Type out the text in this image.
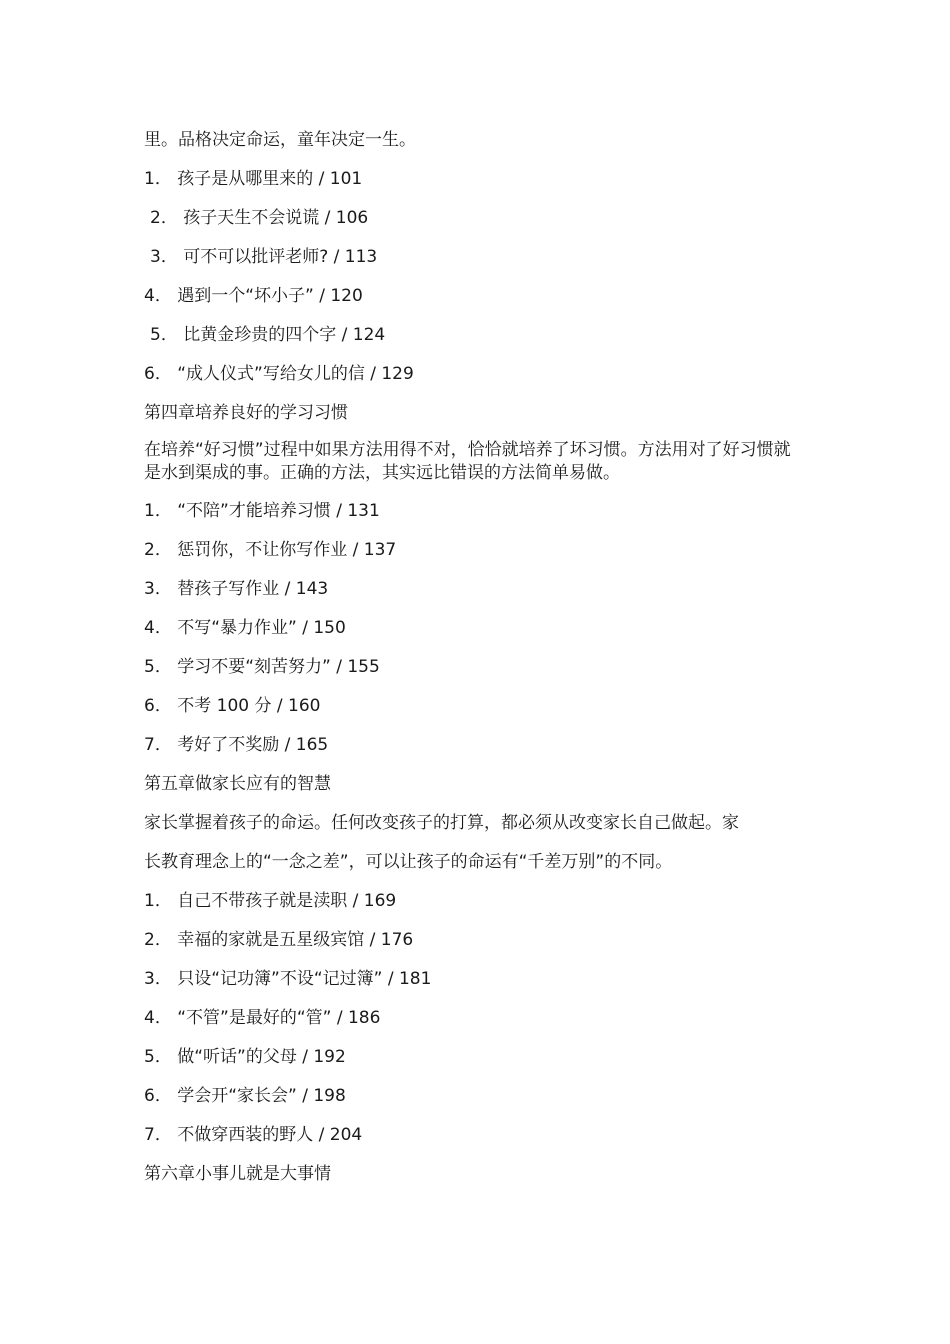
里。品格决定命运，童年决定一生。
1． 孩子是从哪里来的 / 101
2． 孩子天生不会说谎 / 106
3． 可不可以批评老师? / 113
4． 遇到一个“坏小子” / 120
5． 比黄金珍贵的四个字 / 124
6． “成人仪式”写给女儿的信 / 129
第四章培养良好的学习习惯
在培养“好习惯”过程中如果方法用得不对，恰恰就培养了坏习惯。方法用对了好习惯就是水到渠成的事。正确的方法，其实远比错误的方法简单易做。
1． “不陪”才能培养习惯 / 131
2． 惩罚你，不让你写作业 / 137
3． 替孩子写作业 / 143
4． 不写“暴力作业” / 150
5． 学习不要“刻苦努力” / 155
6． 不考 100 分 / 160
7． 考好了不奖励 / 165
第五章做家长应有的智慧
家长掌握着孩子的命运。任何改变孩子的打算，都必须从改变家长自己做起。家
长教育理念上的“一念之差”，可以让孩子的命运有“千差万别”的不同。
1． 自己不带孩子就是渎职 / 169
2． 幸福的家就是五星级宾馆 / 176
3． 只设“记功簿”不设“记过簿” / 181
4． “不管”是最好的“管” / 186
5． 做“听话”的父母 / 192
6． 学会开“家长会” / 198
7． 不做穿西装的野人 / 204
第六章小事儿就是大事情
